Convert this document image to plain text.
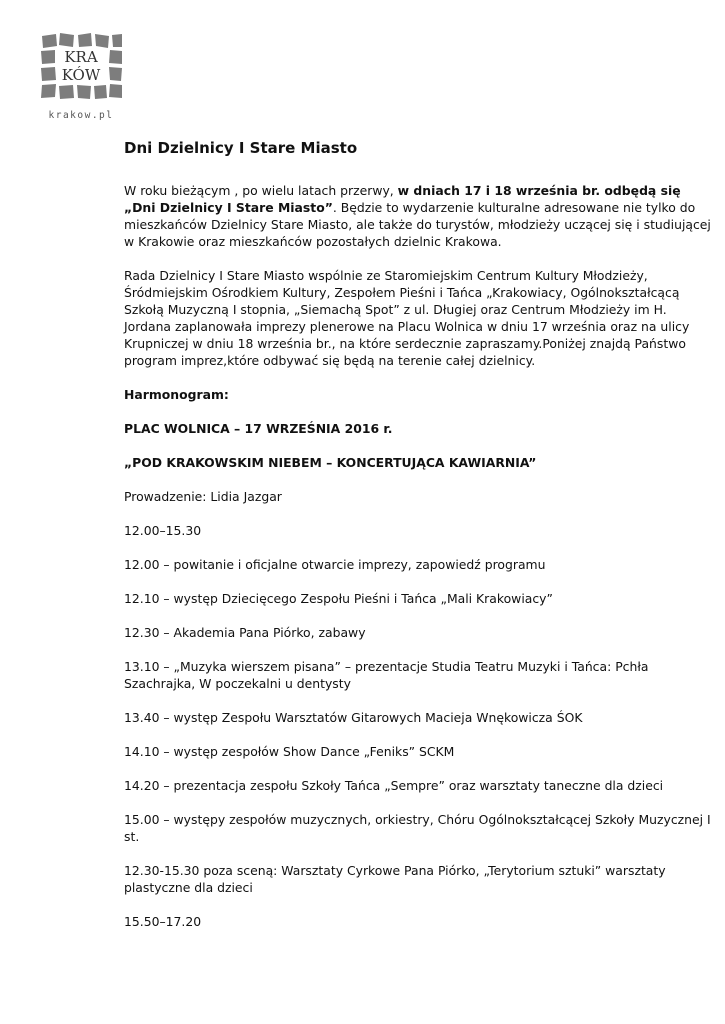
KRA
KÓW
krakow.pl
Dni Dzielnicy I Stare Miasto

W roku bieżącym , po wielu latach przerwy, w dniach 17 i 18 września br. odbędą się „Dni Dzielnicy I Stare Miasto”. Będzie to wydarzenie kulturalne adresowane nie tylko do mieszkańców Dzielnicy Stare Miasto, ale także do turystów, młodzieży uczącej się i studiującej w Krakowie oraz mieszkańców pozostałych dzielnic Krakowa.

Rada Dzielnicy I Stare Miasto wspólnie ze Staromiejskim Centrum Kultury Młodzieży, Śródmiejskim Ośrodkiem Kultury, Zespołem Pieśni i Tańca „Krakowiacy, Ogólnokształcącą Szkołą Muzyczną I stopnia, „Siemachą Spot” z ul. Długiej oraz Centrum Młodzieży im H. Jordana zaplanowała imprezy plenerowe na Placu Wolnica w dniu 17 września oraz na ulicy Krupniczej w dniu 18 września br., na które serdecznie zapraszamy.Poniżej znajdą Państwo program imprez,które odbywać się będą na terenie całej dzielnicy.

Harmonogram:

PLAC WOLNICA – 17 WRZEŚNIA 2016 r.

„POD KRAKOWSKIM NIEBEM – KONCERTUJĄCA KAWIARNIA”

Prowadzenie: Lidia Jazgar

12.00–15.30

12.00 – powitanie i oficjalne otwarcie imprezy, zapowiedź programu

12.10 – występ Dziecięcego Zespołu Pieśni i Tańca „Mali Krakowiacy”

12.30 – Akademia Pana Piórko, zabawy

13.10 – „Muzyka wierszem pisana” – prezentacje Studia Teatru Muzyki i Tańca: Pchła Szachrajka, W poczekalni u dentysty

13.40 – występ Zespołu Warsztatów Gitarowych Macieja Wnękowicza ŚOK

14.10 – występ zespołów Show Dance „Feniks” SCKM

14.20 – prezentacja zespołu Szkoły Tańca „Sempre” oraz warsztaty taneczne dla dzieci

15.00 – występy zespołów muzycznych, orkiestry, Chóru Ogólnokształcącej Szkoły Muzycznej I st.

12.30-15.30 poza sceną: Warsztaty Cyrkowe Pana Piórko, „Terytorium sztuki” warsztaty plastyczne dla dzieci

15.50–17.20
